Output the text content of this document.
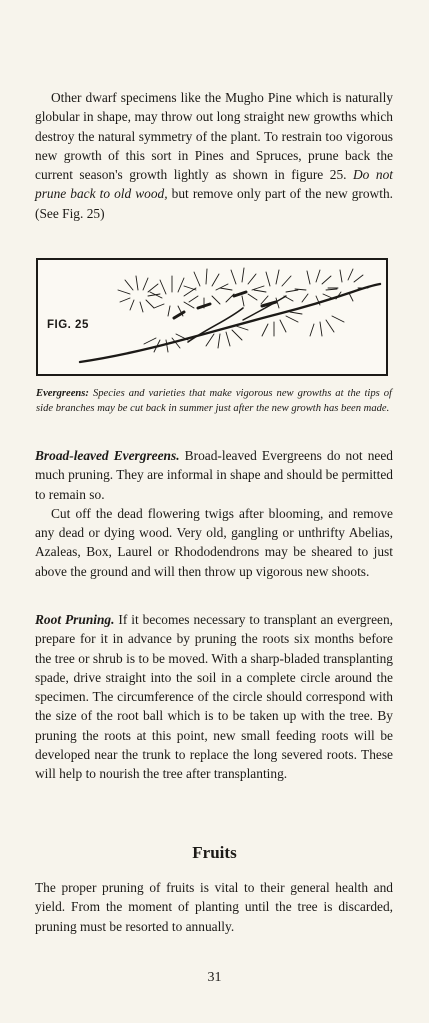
Other dwarf specimens like the Mugho Pine which is naturally globular in shape, may throw out long straight new growths which destroy the natural symmetry of the plant. To restrain too vigorous new growth of this sort in Pines and Spruces, prune back the current season's growth lightly as shown in figure 25. Do not prune back to old wood, but remove only part of the new growth. (See Fig. 25)

FIG. 25

Evergreens: Species and varieties that make vigorous new growths at the tips of side branches may be cut back in summer just after the new growth has been made.

Broad-leaved Evergreens. Broad-leaved Evergreens do not need much pruning. They are informal in shape and should be permitted to remain so.

Cut off the dead flowering twigs after blooming, and remove any dead or dying wood. Very old, gangling or unthrifty Abelias, Azaleas, Box, Laurel or Rhododendrons may be sheared to just above the ground and will then throw up vigorous new shoots.

Root Pruning. If it becomes necessary to transplant an evergreen, prepare for it in advance by pruning the roots six months before the tree or shrub is to be moved. With a sharp-bladed transplanting spade, drive straight into the soil in a complete circle around the specimen. The circumference of the circle should correspond with the size of the root ball which is to be taken up with the tree. By pruning the roots at this point, new small feeding roots will be developed near the trunk to replace the long severed roots. These will help to nourish the tree after transplanting.

Fruits

The proper pruning of fruits is vital to their general health and yield. From the moment of planting until the tree is discarded, pruning must be resorted to annually.

31
